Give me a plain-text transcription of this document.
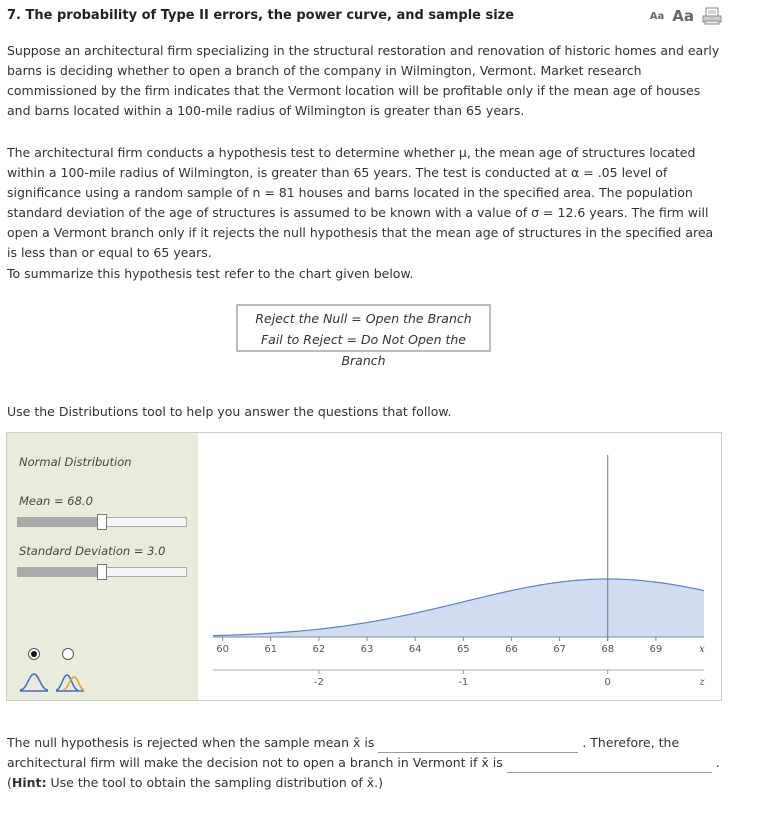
7. The probability of Type II errors, the power curve, and sample size	Aa Aa

Suppose an architectural firm specializing in the structural restoration and renovation of historic homes and early barns is deciding whether to open a branch of the company in Wilmington, Vermont. Market research commissioned by the firm indicates that the Vermont location will be profitable only if the mean age of houses and barns located within a 100-mile radius of Wilmington is greater than 65 years.

The architectural firm conducts a hypothesis test to determine whether μ, the mean age of structures located within a 100-mile radius of Wilmington, is greater than 65 years. The test is conducted at α = .05 level of significance using a random sample of n = 81 houses and barns located in the specified area. The population standard deviation of the age of structures is assumed to be known with a value of σ = 12.6 years. The firm will open a Vermont branch only if it rejects the null hypothesis that the mean age of structures in the specified area is less than or equal to 65 years.

To summarize this hypothesis test refer to the chart given below.

Reject the Null = Open the Branch
Fail to Reject = Do Not Open the Branch

Use the Distributions tool to help you answer the questions that follow.

Normal Distribution
Mean = 68.0
Standard Deviation = 3.0
60	61	62	63	64	65	66	67	68	69	x
-2	-1	0	z
The null hypothesis is rejected when the sample mean x̄ is	. Therefore, the architectural firm will make the decision not to open a branch in Vermont if x̄ is	.
(Hint: Use the tool to obtain the sampling distribution of x̄.)
